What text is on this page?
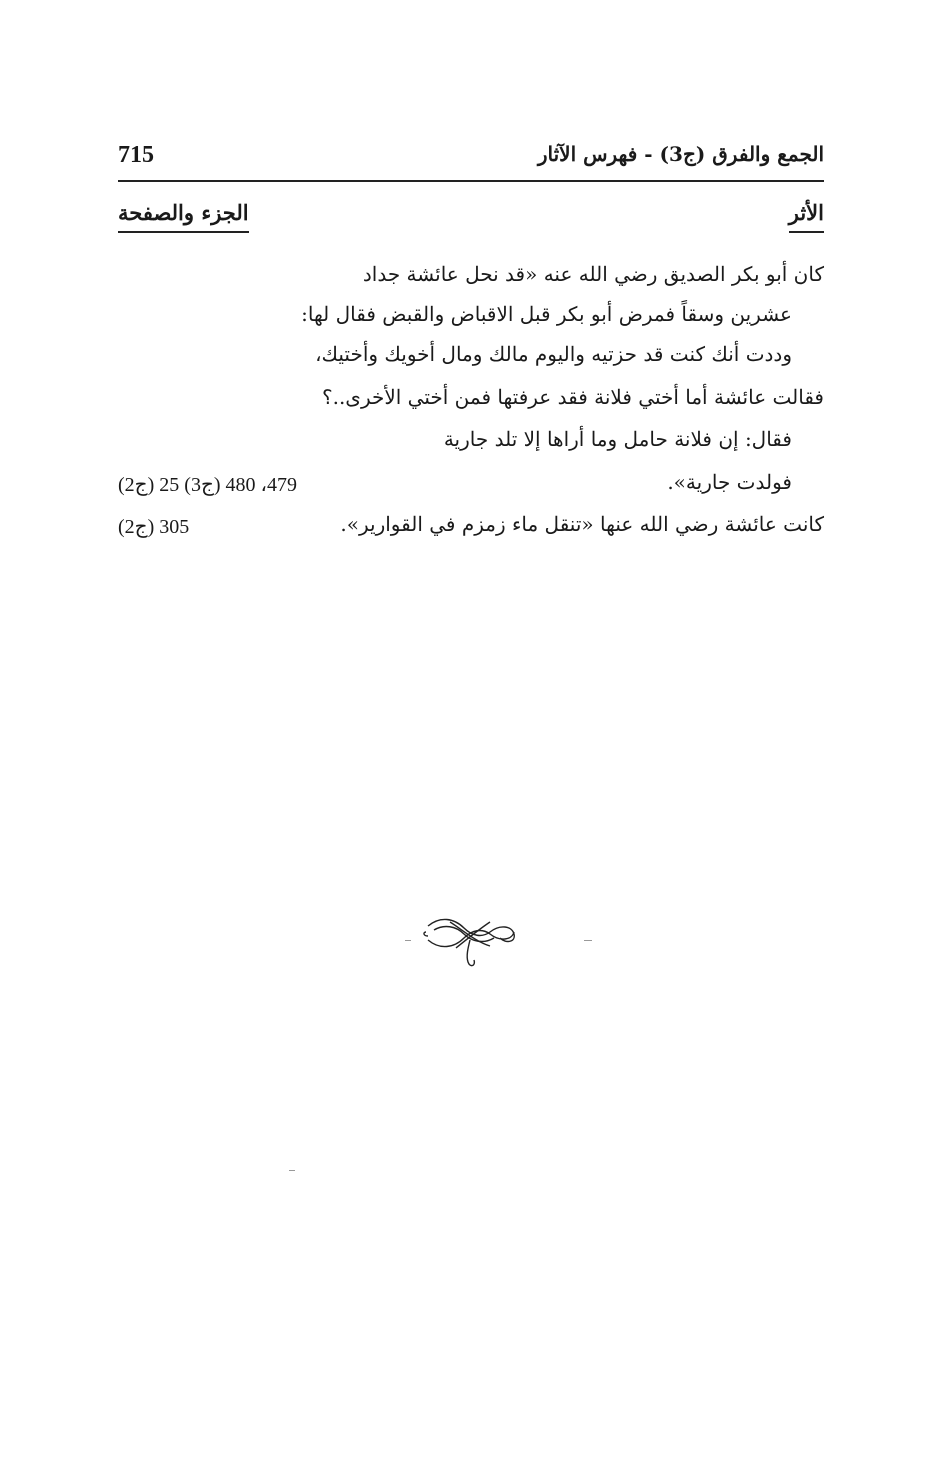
715	الجمع والفرق (ج3) - فهرس الآثار
الأثر
الجزء والصفحة
كان أبو بكر الصديق رضي الله عنه «قد نحل عائشة جداد
عشرين وسقاً فمرض أبو بكر قبل الاقباض والقبض فقال لها:
وددت أنك كنت قد حزتيه واليوم مالك ومال أخويك وأختيك،
فقالت عائشة أما أختي فلانة فقد عرفتها فمن أختي الأخرى..؟
فقال: إن فلانة حامل وما أراها إلا تلد جارية
فولدت جارية».
(ج2) 479، 480 (ج3) 25
كانت عائشة رضي الله عنها «تنقل ماء زمزم في القوارير».
(ج2) 305
